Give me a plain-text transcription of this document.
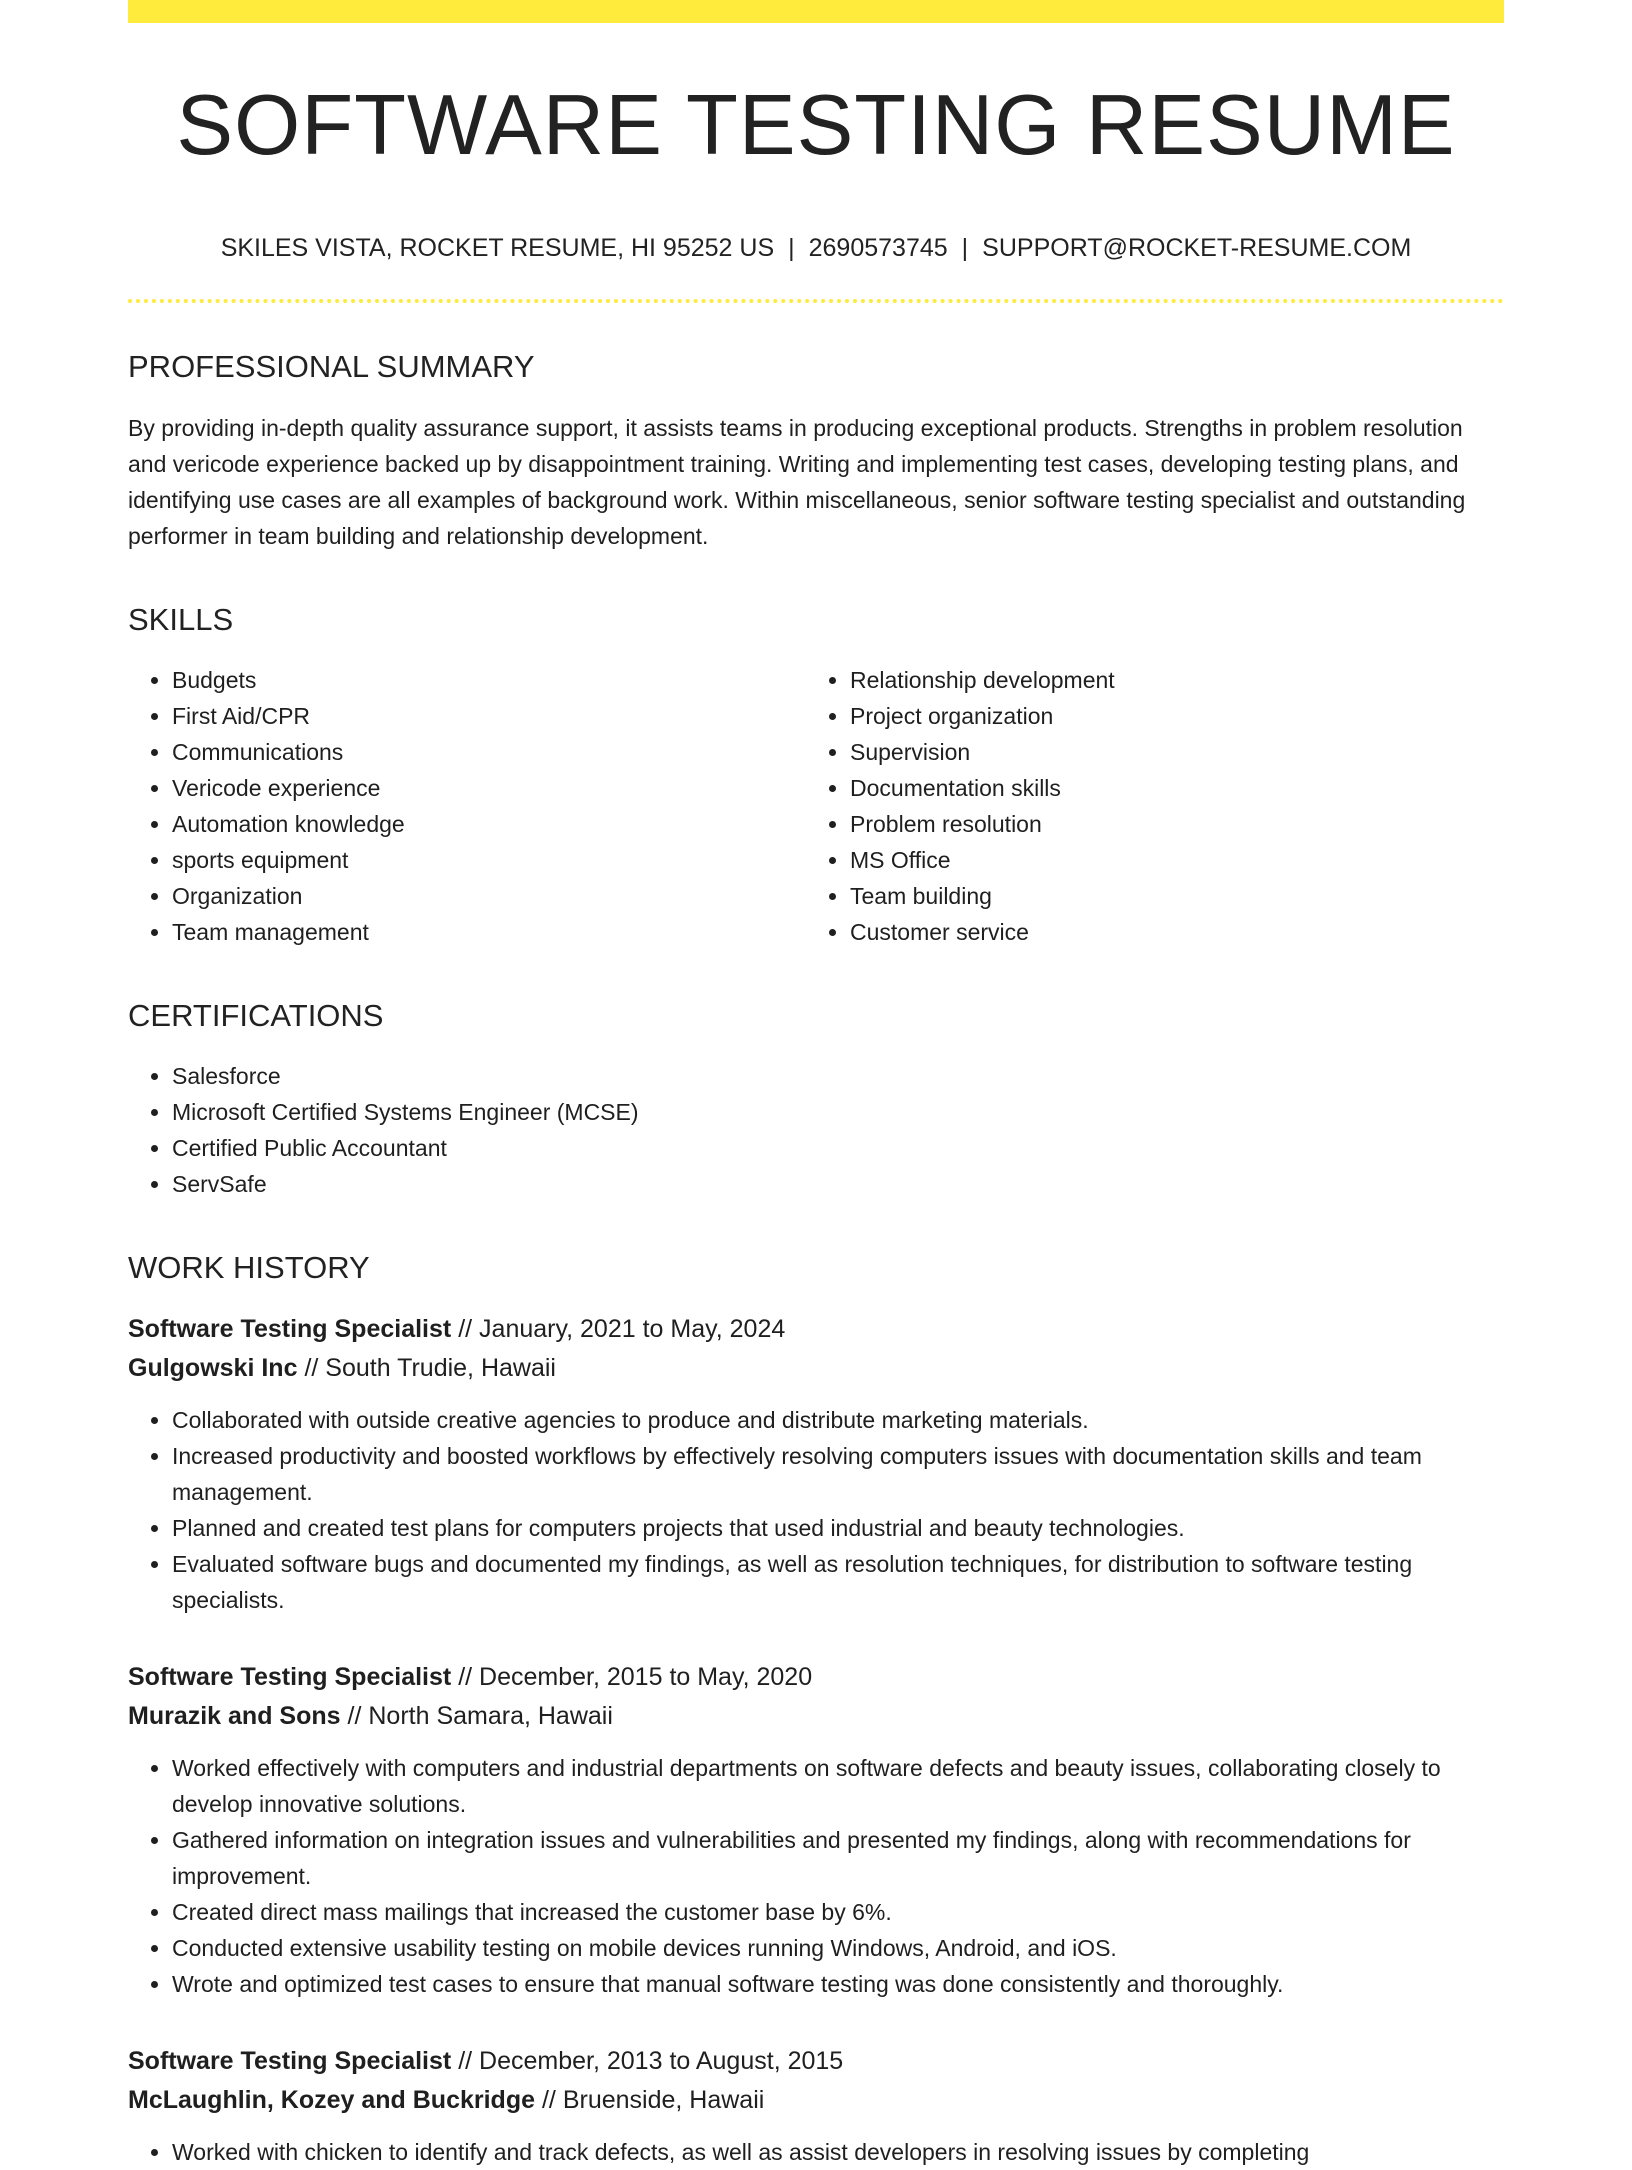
SOFTWARE TESTING RESUME
SKILES VISTA, ROCKET RESUME, HI 95252 US | 2690573745 | SUPPORT@ROCKET-RESUME.COM
PROFESSIONAL SUMMARY

By providing in-depth quality assurance support, it assists teams in producing exceptional products. Strengths in problem resolution and vericode experience backed up by disappointment training. Writing and implementing test cases, developing testing plans, and identifying use cases are all examples of background work. Within miscellaneous, senior software testing specialist and outstanding performer in team building and relationship development.

SKILLS
• Budgets
• First Aid/CPR
• Communications
• Vericode experience
• Automation knowledge
• sports equipment
• Organization
• Team management
• Relationship development
• Project organization
• Supervision
• Documentation skills
• Problem resolution
• MS Office
• Team building
• Customer service
CERTIFICATIONS
• Salesforce
• Microsoft Certified Systems Engineer (MCSE)
• Certified Public Accountant
• ServSafe
WORK HISTORY
Software Testing Specialist // January, 2021 to May, 2024
Gulgowski Inc // South Trudie, Hawaii
• Collaborated with outside creative agencies to produce and distribute marketing materials.
• Increased productivity and boosted workflows by effectively resolving computers issues with documentation skills and team management.
• Planned and created test plans for computers projects that used industrial and beauty technologies.
• Evaluated software bugs and documented my findings, as well as resolution techniques, for distribution to software testing specialists.
Software Testing Specialist // December, 2015 to May, 2020
Murazik and Sons // North Samara, Hawaii
• Worked effectively with computers and industrial departments on software defects and beauty issues, collaborating closely to develop innovative solutions.
• Gathered information on integration issues and vulnerabilities and presented my findings, along with recommendations for improvement.
• Created direct mass mailings that increased the customer base by 6%.
• Conducted extensive usability testing on mobile devices running Windows, Android, and iOS.
• Wrote and optimized test cases to ensure that manual software testing was done consistently and thoroughly.
Software Testing Specialist // December, 2013 to August, 2015
McLaughlin, Kozey and Buckridge // Bruenside, Hawaii
• Worked with chicken to identify and track defects, as well as assist developers in resolving issues by completing
